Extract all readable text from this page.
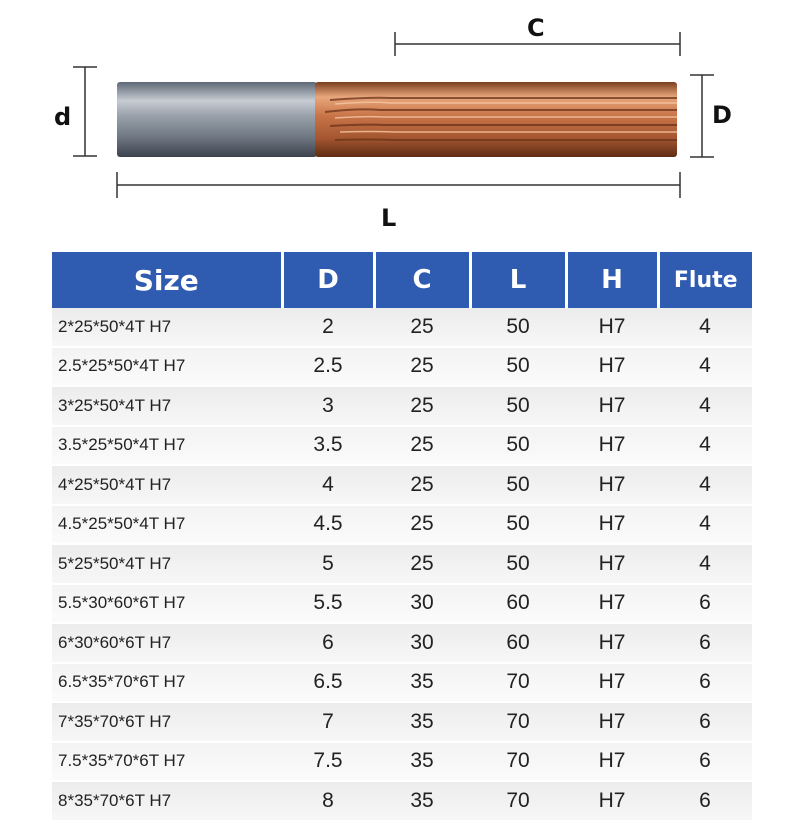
C
d	D
L
Size	D	C	L	H	Flute
2*25*50*4T H7	2	25	50	H7	4
2.5*25*50*4T H7	2.5	25	50	H7	4
3*25*50*4T H7	3	25	50	H7	4
3.5*25*50*4T H7	3.5	25	50	H7	4
4*25*50*4T H7	4	25	50	H7	4
4.5*25*50*4T H7	4.5	25	50	H7	4
5*25*50*4T H7	5	25	50	H7	4
5.5*30*60*6T H7	5.5	30	60	H7	6
6*30*60*6T H7	6	30	60	H7	6
6.5*35*70*6T H7	6.5	35	70	H7	6
7*35*70*6T H7	7	35	70	H7	6
7.5*35*70*6T H7	7.5	35	70	H7	6
8*35*70*6T H7	8	35	70	H7	6
